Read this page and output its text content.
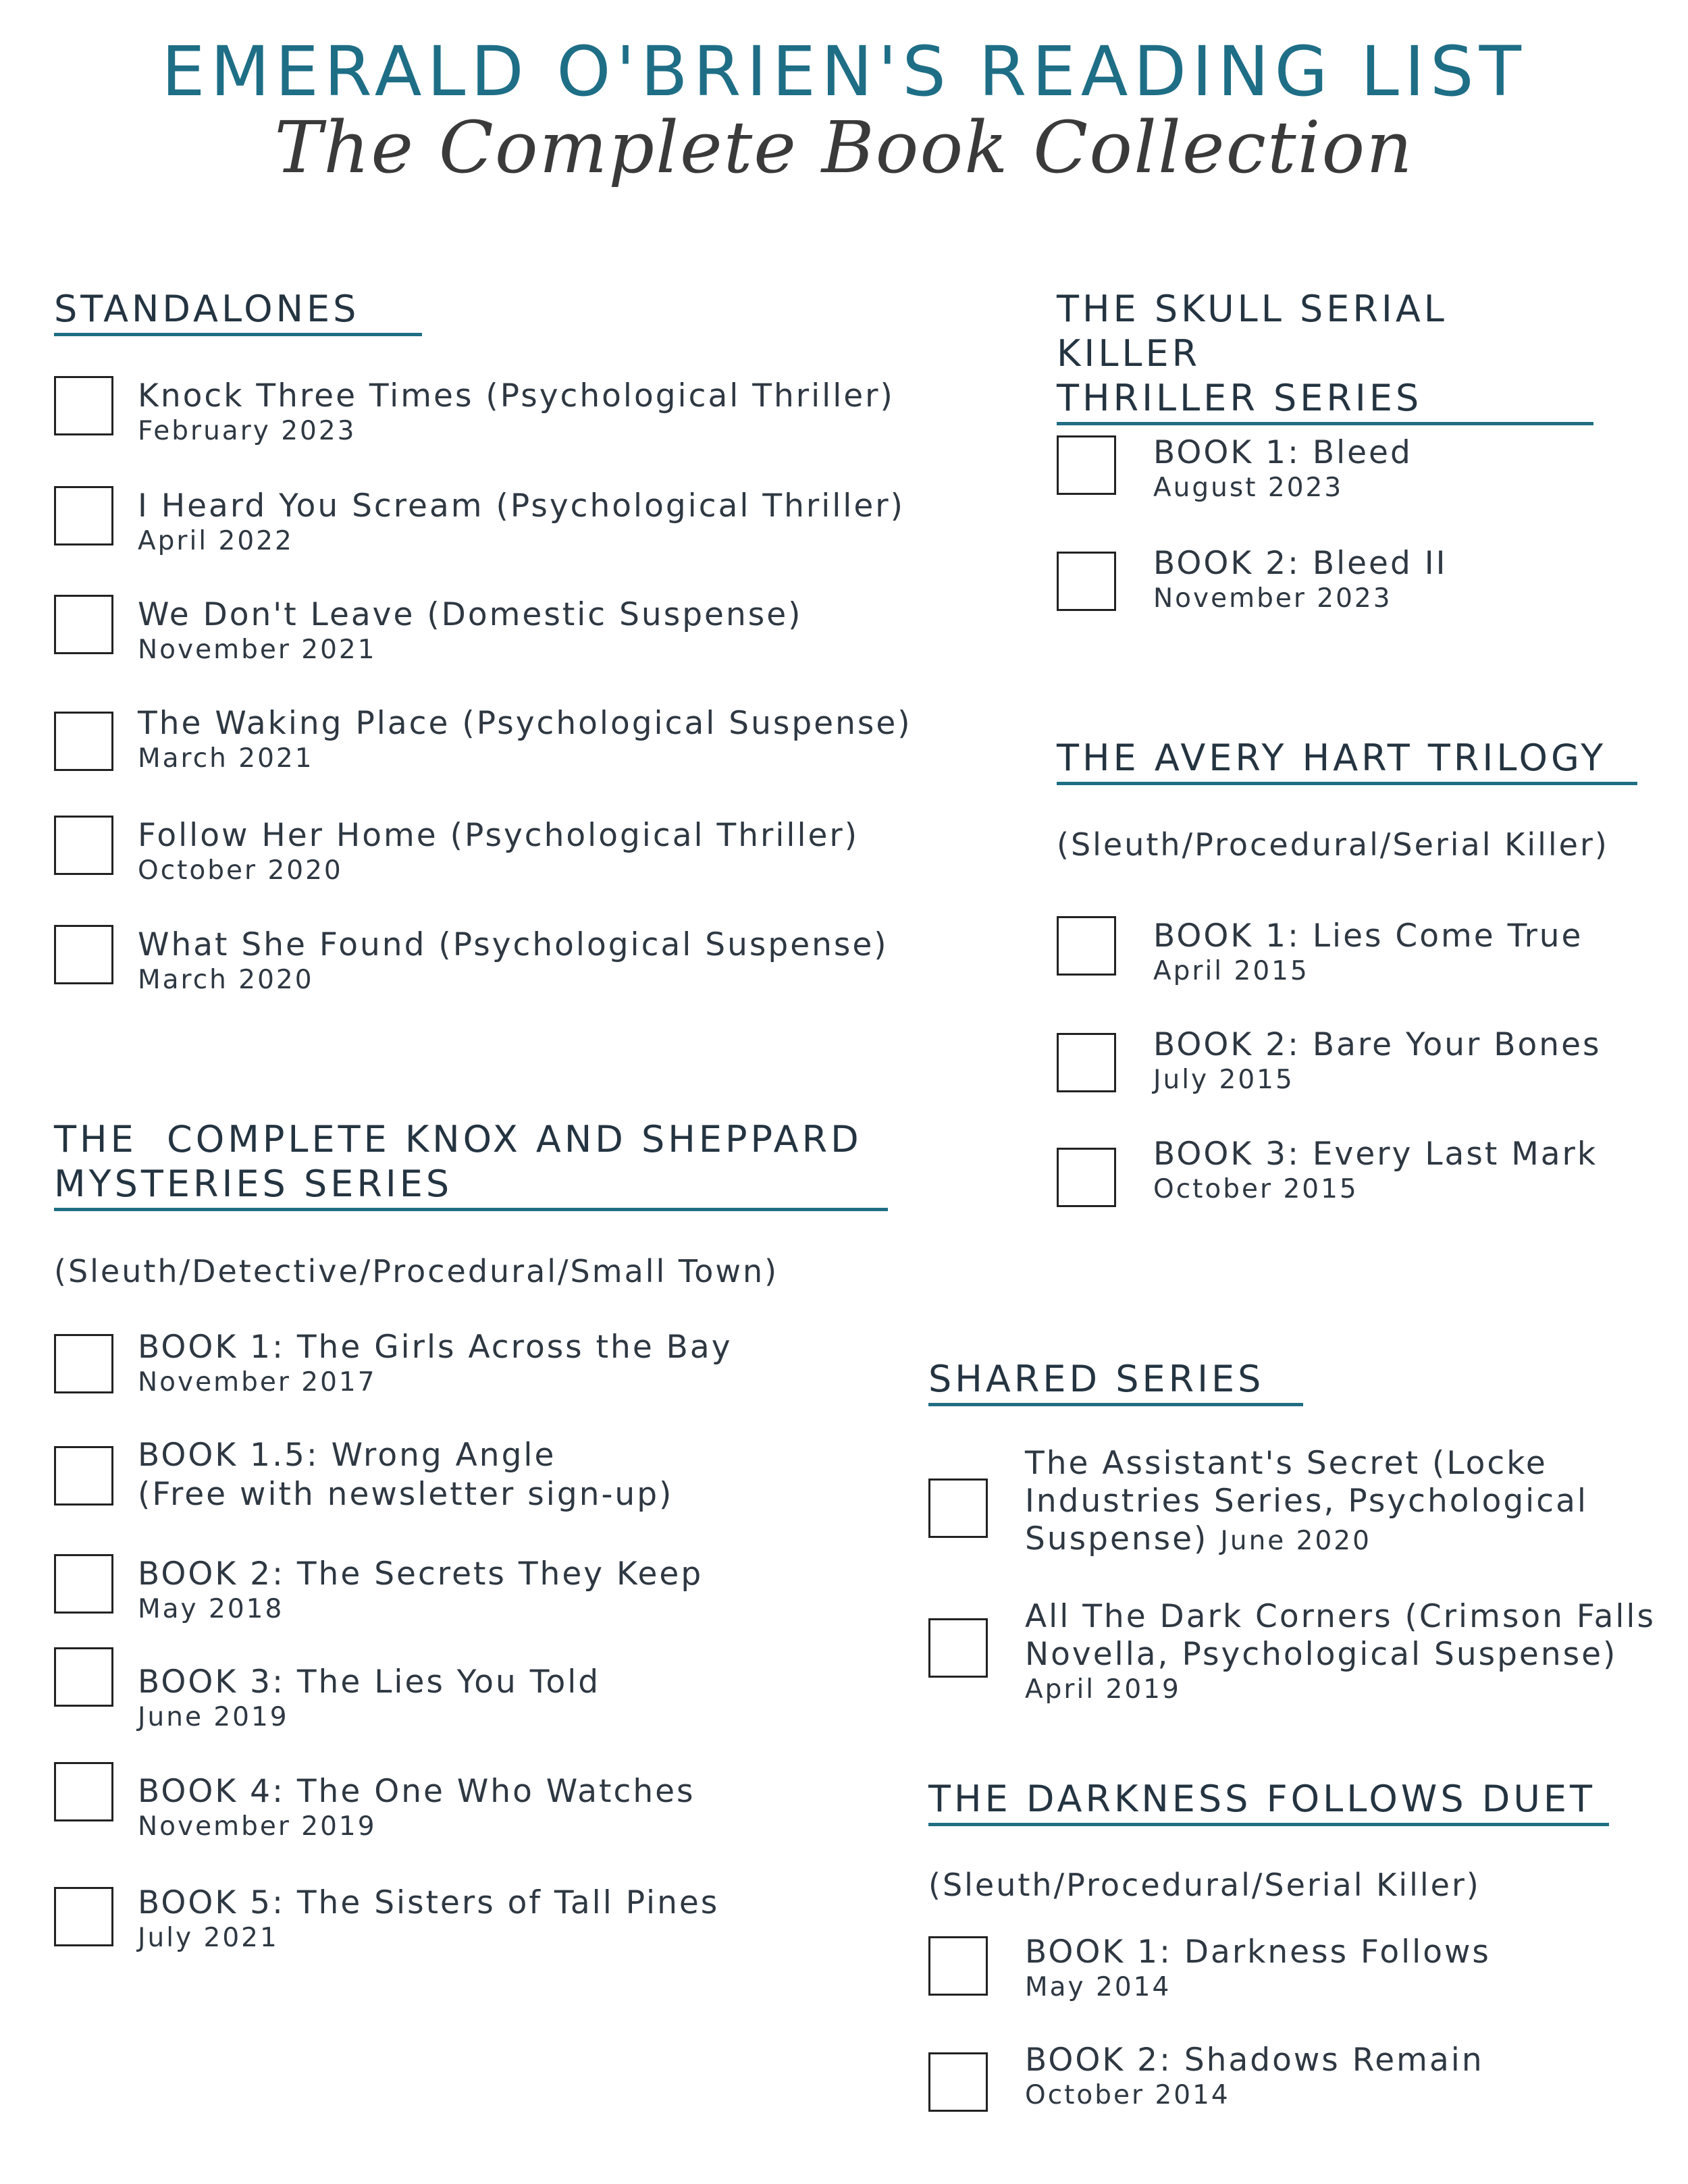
EMERALD O'BRIEN'S READING LIST
The Complete Book Collection
STANDALONES
Knock Three Times (Psychological Thriller)
February 2023
I Heard You Scream (Psychological Thriller)
April 2022
We Don't Leave (Domestic Suspense)
November 2021
The Waking Place (Psychological Suspense)
March 2021
Follow Her Home (Psychological Thriller)
October 2020
What She Found (Psychological Suspense)
March 2020
THE  COMPLETE KNOX AND SHEPPARD
MYSTERIES SERIES
(Sleuth/Detective/Procedural/Small Town)
BOOK 1: The Girls Across the Bay
November 2017
BOOK 1.5: Wrong Angle
(Free with newsletter sign-up)
BOOK 2: The Secrets They Keep
May 2018
BOOK 3: The Lies You Told
June 2019
BOOK 4: The One Who Watches
November 2019
BOOK 5: The Sisters of Tall Pines
July 2021
THE SKULL SERIAL KILLER
THRILLER SERIES
BOOK 1: Bleed
August 2023
BOOK 2: Bleed II
November 2023
THE AVERY HART TRILOGY
(Sleuth/Procedural/Serial Killer)
BOOK 1: Lies Come True
April 2015
BOOK 2: Bare Your Bones
July 2015
BOOK 3: Every Last Mark
October 2015
SHARED SERIES
The Assistant's Secret (Locke
Industries Series, Psychological
Suspense) June 2020
All The Dark Corners (Crimson Falls
Novella, Psychological Suspense)
April 2019
THE DARKNESS FOLLOWS DUET
(Sleuth/Procedural/Serial Killer)
BOOK 1: Darkness Follows
May 2014
BOOK 2: Shadows Remain
October 2014
